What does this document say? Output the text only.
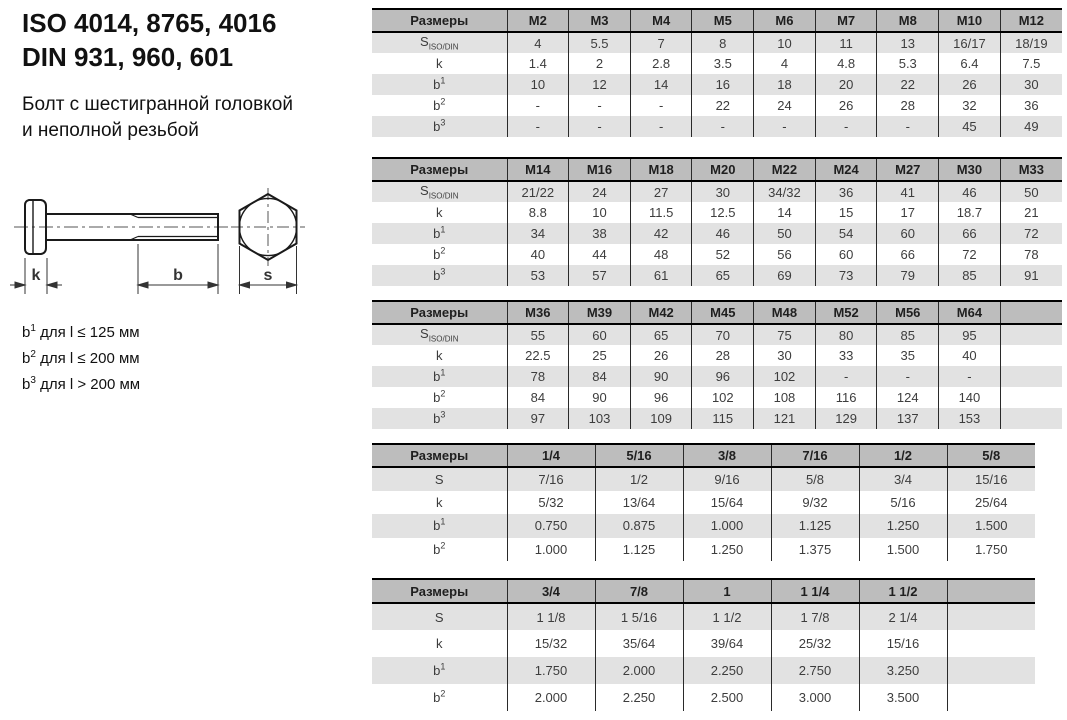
ISO 4014, 8765, 4016
DIN 931, 960, 601
Болт с шестигранной головкой
и неполной резьбой
k	b	s
$b^1$ для l ≤ 125 мм
$b^2$ для l ≤ 200 мм
$b^3$ для l > 200 мм
Размеры	M2	M3	M4	M5	M6	M7	M8	M10	M12
$S_{ISO/DIN}$	4	5.5	7	8	10	11	13	16/17	18/19
k	1.4	2	2.8	3.5	4	4.8	5.3	6.4	7.5
$b^1$	10	12	14	16	18	20	22	26	30
$b^2$	-	-	-	22	24	26	28	32	36
$b^3$	-	-	-	-	-	-	-	45	49
Размеры	M14	M16	M18	M20	M22	M24	M27	M30	M33
$S_{ISO/DIN}$	21/22	24	27	30	34/32	36	41	46	50
k	8.8	10	11.5	12.5	14	15	17	18.7	21
$b^1$	34	38	42	46	50	54	60	66	72
$b^2$	40	44	48	52	56	60	66	72	78
$b^3$	53	57	61	65	69	73	79	85	91
Размеры	M36	M39	M42	M45	M48	M52	M56	M64	
$S_{ISO/DIN}$	55	60	65	70	75	80	85	95	
k	22.5	25	26	28	30	33	35	40	
$b^1$	78	84	90	96	102	-	-	-	
$b^2$	84	90	96	102	108	116	124	140	
$b^3$	97	103	109	115	121	129	137	153	
Размеры	1/4	5/16	3/8	7/16	1/2	5/8
S	7/16	1/2	9/16	5/8	3/4	15/16
k	5/32	13/64	15/64	9/32	5/16	25/64
$b^1$	0.750	0.875	1.000	1.125	1.250	1.500
$b^2$	1.000	1.125	1.250	1.375	1.500	1.750
Размеры	3/4	7/8	1	1 1/4	1 1/2	
S	1 1/8	1 5/16	1 1/2	1 7/8	2 1/4	
k	15/32	35/64	39/64	25/32	15/16	
$b^1$	1.750	2.000	2.250	2.750	3.250	
$b^2$	2.000	2.250	2.500	3.000	3.500	
